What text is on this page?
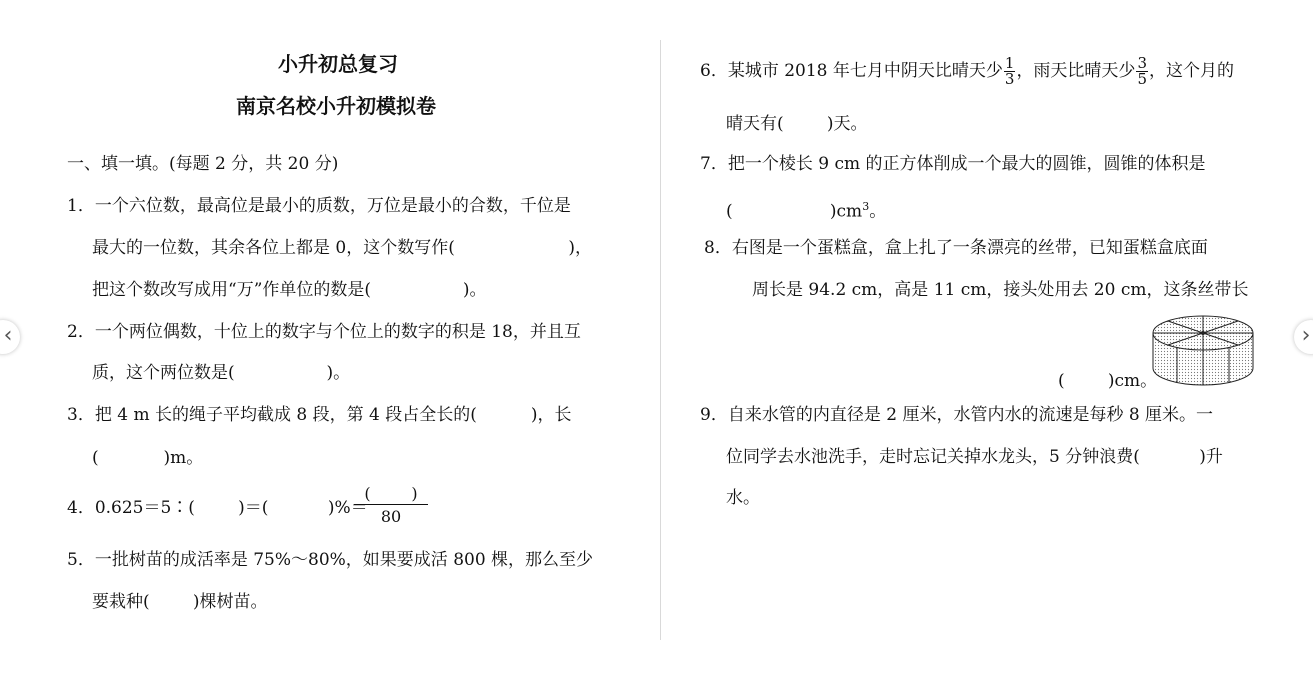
小升初总复习
南京名校小升初模拟卷
一、填一填。(每题 2 分，共 20 分)
1．一个六位数，最高位是最小的质数，万位是最小的合数，千位是
最大的一位数，其余各位上都是 0，这个数写作(                     )，
把这个数改写成用“万”作单位的数是(                 )。
2．一个两位偶数，十位上的数字与个位上的数字的积是 18，并且互
质，这个两位数是(                 )。
3．把 4 m 长的绳子平均截成 8 段，第 4 段占全长的(          )，长
(            )m。
4．0.625＝5∶(        )＝(           )%＝
(        )
80
5．一批树苗的成活率是 75%～80%，如果要成活 800 棵，那么至少
要栽种(        )棵树苗。
6．某城市 2018 年七月中阴天比晴天少 $\frac{1}{3}$ ，雨天比晴天少 $\frac{3}{5}$ ，这个月的
晴天有(        )天。
7．把一个棱长 9 cm 的正方体削成一个最大的圆锥，圆锥的体积是
(                  )$cm^3$。
8．右图是一个蛋糕盒，盒上扎了一条漂亮的丝带，已知蛋糕盒底面
周长是 94.2 cm，高是 11 cm，接头处用去 20 cm，这条丝带长
(        )cm。
9．自来水管的内直径是 2 厘米，水管内水的流速是每秒 8 厘米。一
位同学去水池洗手，走时忘记关掉水龙头，5 分钟浪费(           )升
水。
‹	›
